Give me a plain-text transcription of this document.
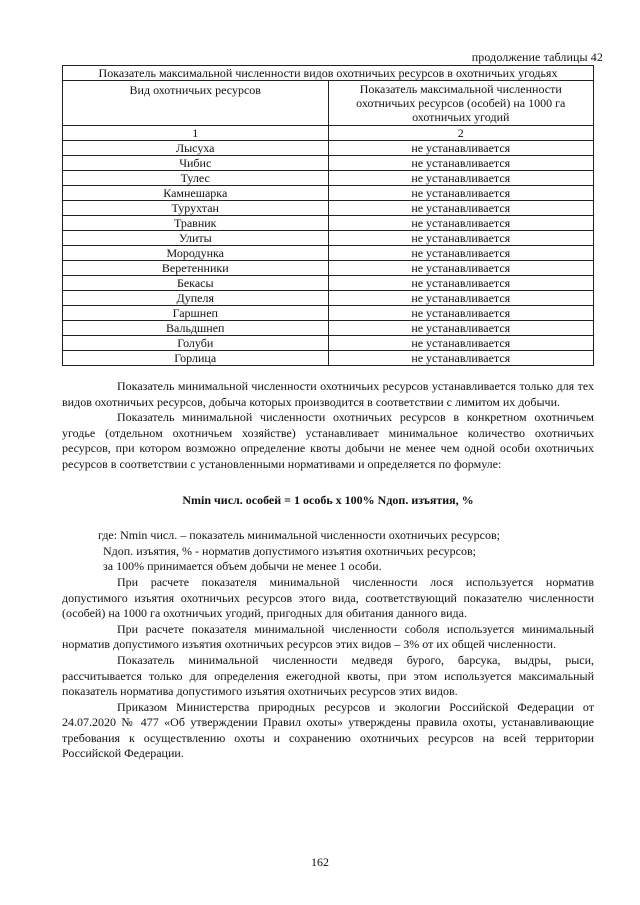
продолжение таблицы 42
Показатель максимальной численности видов охотничьих ресурсов в охотничьих угодьях	
Вид охотничьих ресурсов	Показатель максимальной численности охотничьих ресурсов (особей) на 1000 га охотничьих угодий
1	2
Лысуха	не устанавливается
Чибис	не устанавливается
Тулес	не устанавливается
Камнешарка	не устанавливается
Турухтан	не устанавливается
Травник	не устанавливается
Улиты	не устанавливается
Мородунка	не устанавливается
Веретенники	не устанавливается
Бекасы	не устанавливается
Дупеля	не устанавливается
Гаршнеп	не устанавливается
Вальдшнеп	не устанавливается
Голуби	не устанавливается
Горлица	не устанавливается

Показатель минимальной численности охотничьих ресурсов устанавливается только для тех видов охотничьих ресурсов, добыча которых производится в соответствии с лимитом их добычи.

Показатель минимальной численности охотничьих ресурсов в конкретном охотничьем угодье (отдельном охотничьем хозяйстве) устанавливает минимальное количество охотничьих ресурсов, при котором возможно определение квоты добычи не менее чем одной особи охотничьих ресурсов в соответствии с установленными нормативами и определяется по формуле:

Nmin числ. особей = 1 особь х 100% Nдоп. изъятия, %

где: Nmin числ. – показатель минимальной численности охотничьих ресурсов;

Nдоп. изъятия, % - норматив допустимого изъятия охотничьих ресурсов;

за 100% принимается объем добычи не менее 1 особи.

При расчете показателя минимальной численности лося используется норматив допустимого изъятия охотничьих ресурсов этого вида, соответствующий показателю численности (особей) на 1000 га охотничьих угодий, пригодных для обитания данного вида.

При расчете показателя минимальной численности соболя используется минимальный норматив допустимого изъятия охотничьих ресурсов этих видов – 3% от их общей численности.

Показатель минимальной численности медведя бурого, барсука, выдры, рыси, рассчитывается только для определения ежегодной квоты, при этом используется максимальный показатель норматива допустимого изъятия охотничьих ресурсов этих видов.

Приказом Министерства природных ресурсов и экологии Российской Федерации от 24.07.2020 № 477 «Об утверждении Правил охоты» утверждены правила охоты, устанавливающие требования к осуществлению охоты и сохранению охотничьих ресурсов на всей территории Российской Федерации.

162
